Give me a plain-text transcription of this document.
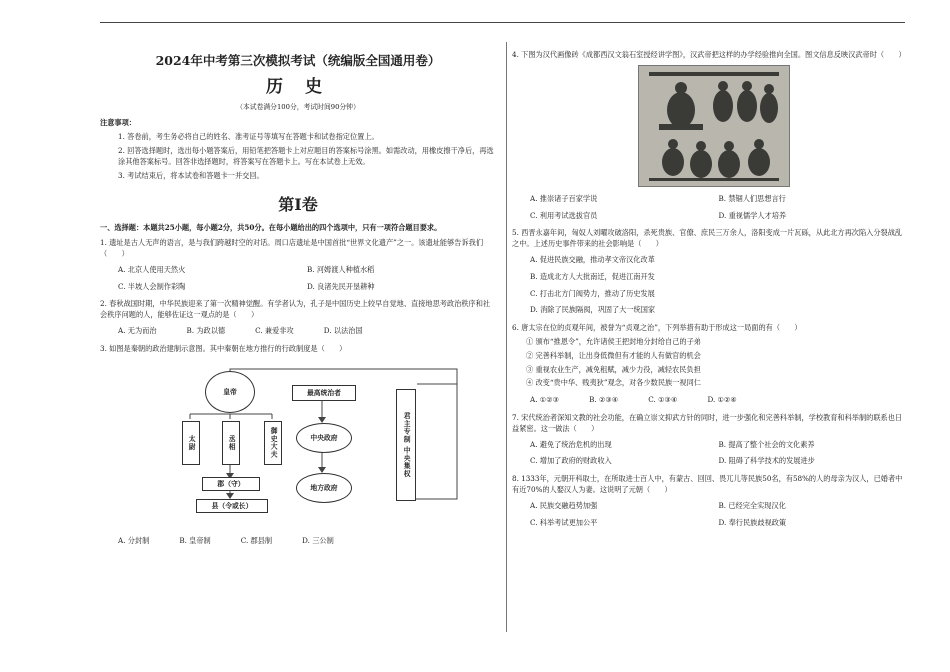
2024年中考第三次模拟考试（统编版全国通用卷）
历 史
（本试卷满分100分，考试时间90分钟）
注意事项：
1. 答卷前，考生务必将自己的姓名、准考证号等填写在答题卡和试卷指定位置上。
2. 回答选择题时，选出每小题答案后，用铅笔把答题卡上对应题目的答案标号涂黑。如需改动，用橡皮擦干净后，再选涂其他答案标号。回答非选择题时，将答案写在答题卡上。写在本试卷上无效。
3. 考试结束后，将本试卷和答题卡一并交回。
第Ⅰ卷
一、选择题：本题共25小题，每小题2分，共50分。在每小题给出的四个选项中，只有一项符合题目要求。
1. 遗址是古人无声的语言，是与我们跨越时空的对话。周口店遗址是中国首批“世界文化遗产”之一。该遗址能够告诉我们（　　）
A. 北京人使用天然火	B. 河姆渡人种植水稻
C. 半坡人会制作彩陶	D. 良渚先民开垦耕种
2. 春秋战国时期，中华民族迎来了第一次精神觉醒。有学者认为，孔子是中国历史上较早自觉地、直接地思考政治秩序和社会秩序问题的人，能够佐证这一观点的是（　　）
A. 无为而治	B. 为政以德	C. 兼爱非攻	D. 以法治国
3. 如图是秦朝的政治建制示意图。其中秦朝在地方推行的行政制度是（　　）
皇帝
太尉	丞相	御史大夫
郡（守）
县（令或长）
最高统治者
中央政府
地方政府
君主专制 中央集权
A. 分封制	B. 皇帝制	C. 郡县制	D. 三公制
4. 下图为汉代画像砖《成都西汉文翁石室授经讲学图》，汉武帝把这样的办学经验推向全国。图文信息反映汉武帝时（　　）
A. 推崇诸子百家学说	B. 禁锢人们思想言行
C. 利用考试选拔官员	D. 重视儒学人才培养
5. 西晋永嘉年间，匈奴人刘曜攻破洛阳，杀死贵族、官僚、庶民三万余人，洛阳变成一片瓦砾，从此北方再次陷入分裂战乱之中。上述历史事件带来的社会影响是（　　）
A. 促进民族交融，推动孝文帝汉化改革
B. 造成北方人大批南迁，促进江南开发
C. 打击北方门阀势力，推动了历史发展
D. 消除了民族隔阂，巩固了大一统国家
6. 唐太宗在位的贞观年间，被誉为“贞观之治”，下列举措有助于形成这一局面的有（　　）
① 颁布“推恩令”，允许诸侯王把封地分封给自己的子弟
② 完善科举制，让出身低微但有才能的人有做官的机会
③ 重视农业生产，减免租赋，减少力役，减轻农民负担
④ 改变“贵中华、贱夷狄”观念，对各少数民族一视同仁
A. ①②③	B. ②③④	C. ①③④	D. ①②④
7. 宋代统治者深知文教的社会功能，在确立崇文抑武方针的同时，进一步强化和完善科举制，学校教育和科举制的联系也日益紧密。这一做法（　　）
A. 避免了统治危机的出现	B. 提高了整个社会的文化素养
C. 增加了政府的财政收入	D. 阻碍了科学技术的发展进步
8. 1333年，元朝开科取士，在所取进士百人中，有蒙古、回回、畏兀儿等民族50名，有58%的人的母亲为汉人，已婚者中有近70%的人娶汉人为妻。这说明了元朝（　　）
A. 民族交融趋势加强	B. 已经完全实现汉化
C. 科举考试更加公平	D. 奉行民族歧视政策
